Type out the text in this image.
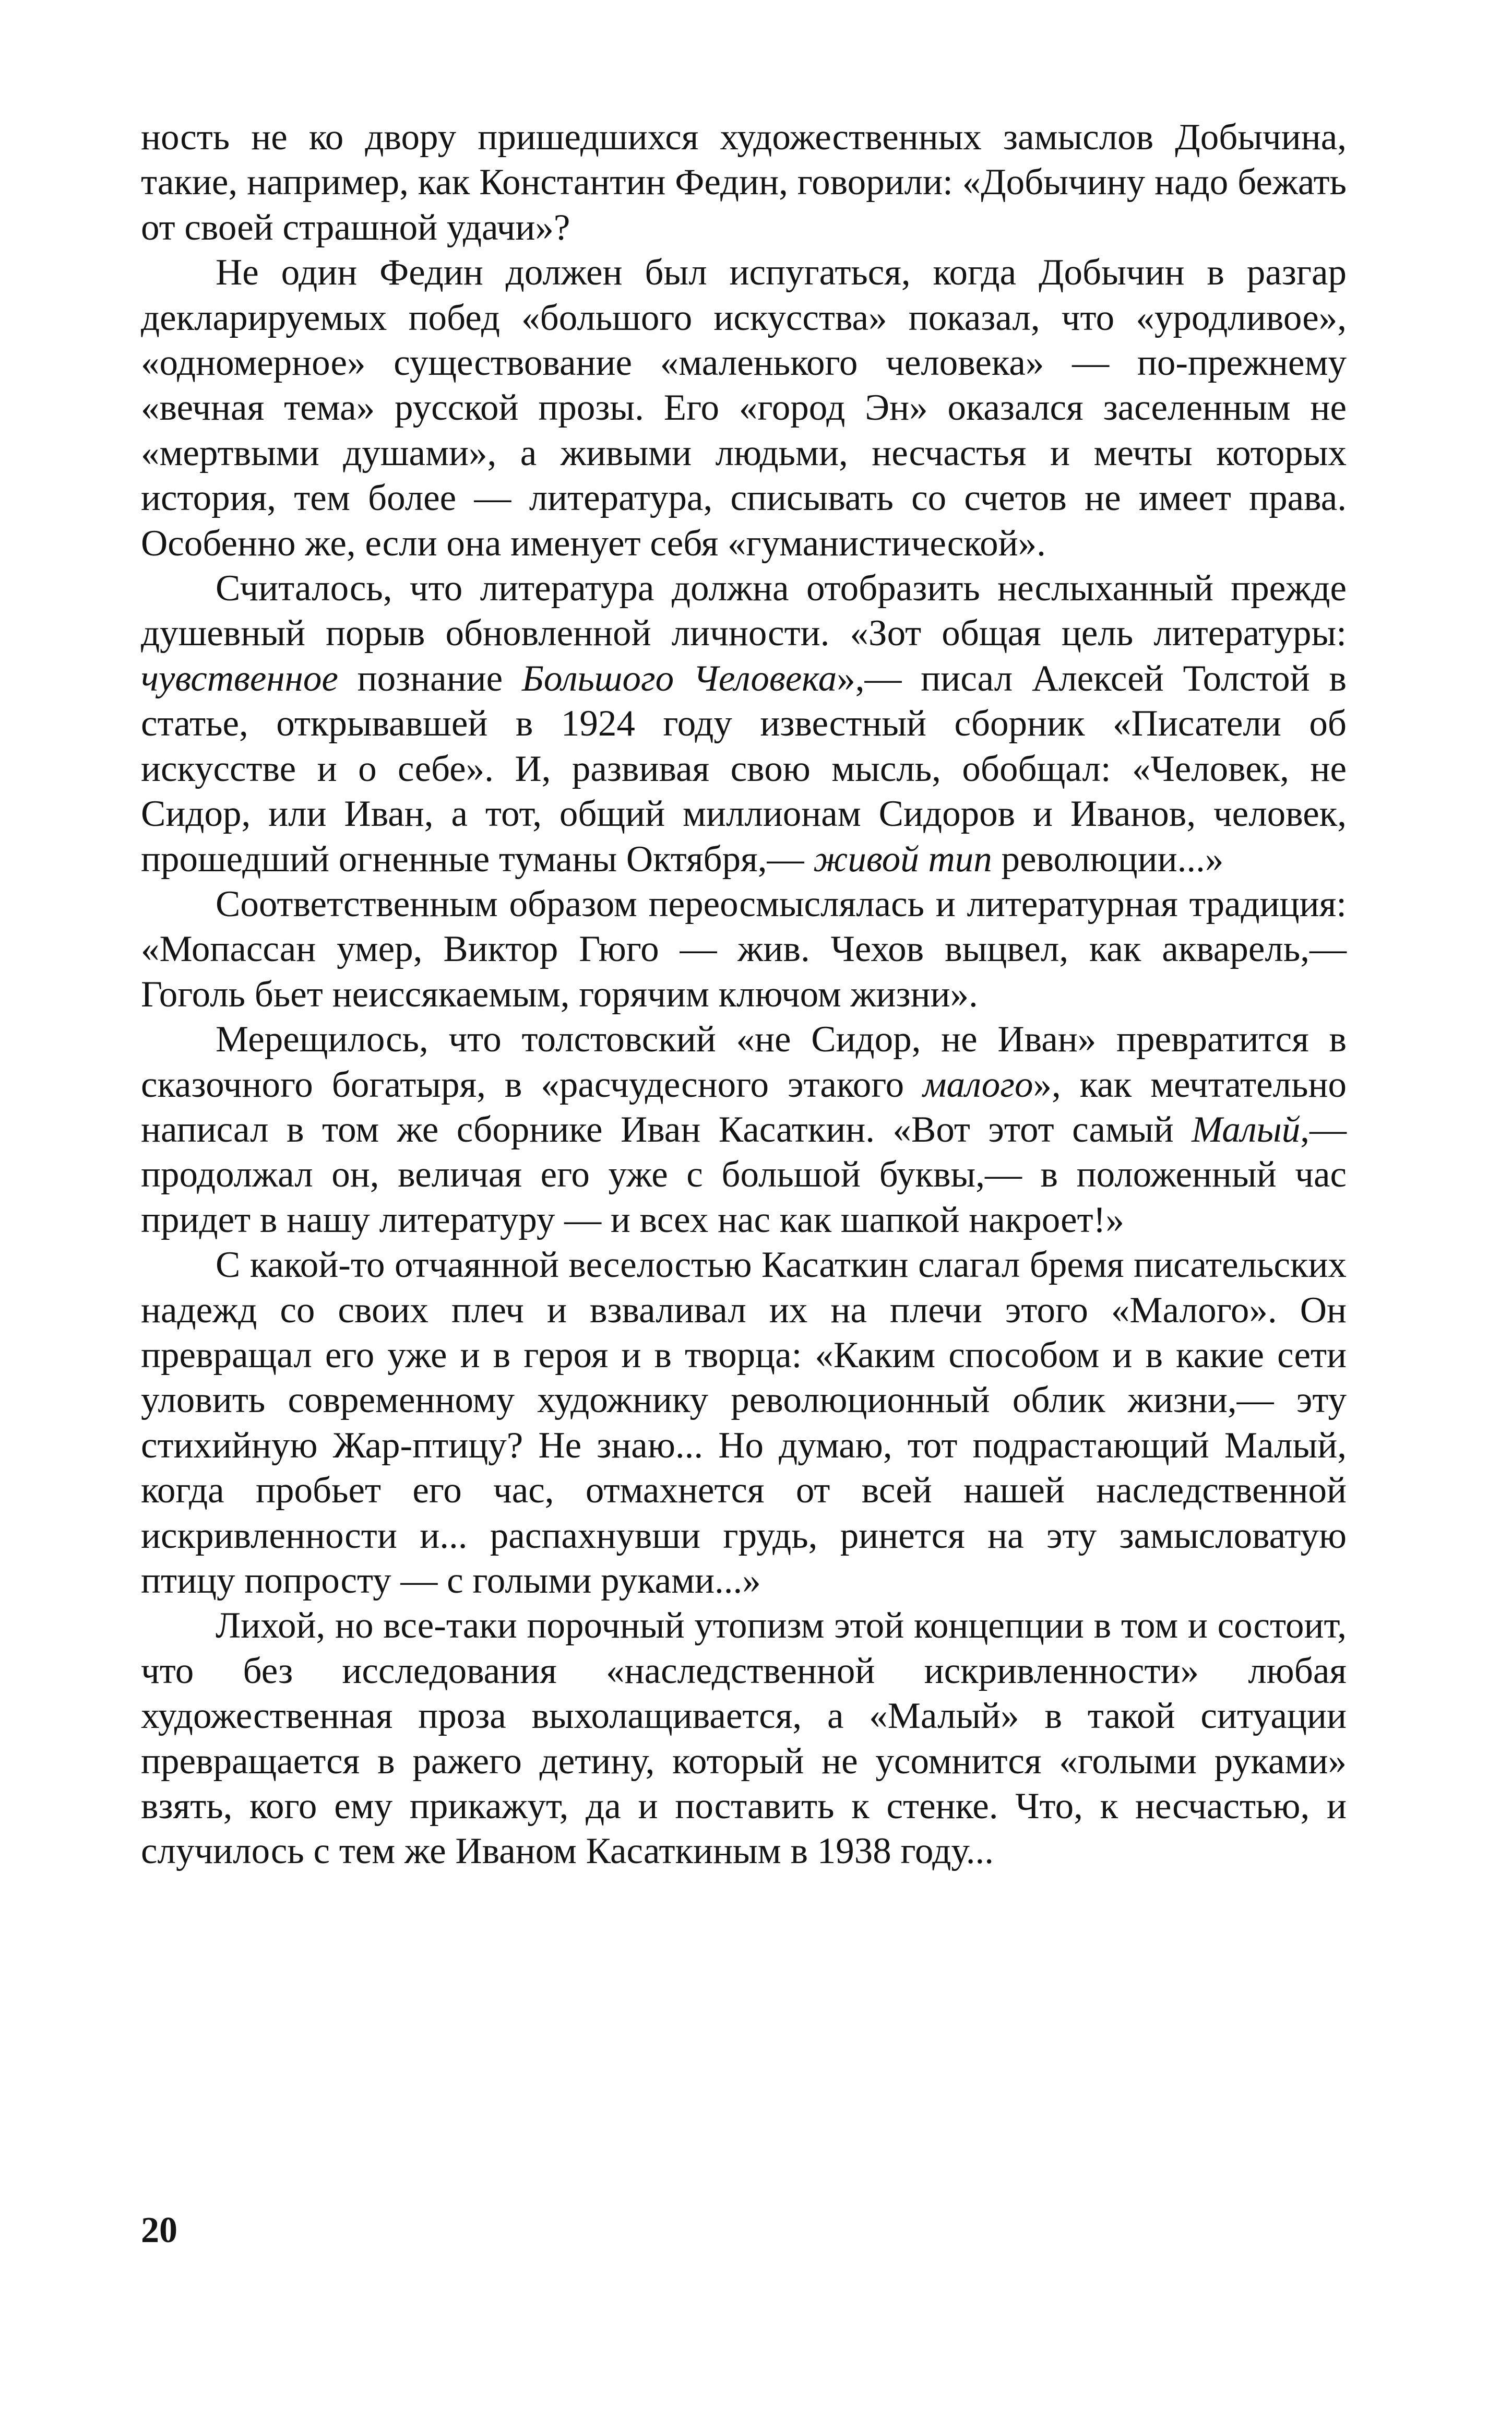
ность не ко двору пришедшихся художественных замыслов Добычина, такие, например, как Константин Федин, говорили: «Добычину надо бежать от своей страшной удачи»?

Не один Федин должен был испугаться, когда Добычин в разгар декларируемых побед «большого искусства» показал, что «уродливое», «одномерное» существование «маленького человека» — по-прежнему «вечная тема» русской прозы. Его «город Эн» оказался заселенным не «мертвыми душами», а живыми людьми, несчастья и мечты которых история, тем более — литература, списывать со счетов не имеет права. Особенно же, если она именует себя «гуманистической».

Считалось, что литература должна отобразить неслыханный прежде душевный порыв обновленной личности. «Зот общая цель литературы: чувственное познание Большого Человека»,— писал Алексей Толстой в статье, открывавшей в 1924 году известный сборник «Писатели об искусстве и о себе». И, развивая свою мысль, обобщал: «Человек, не Сидор, или Иван, а тот, общий миллионам Сидоров и Иванов, человек, прошедший огненные туманы Октября,— живой тип революции...»

Соответственным образом переосмыслялась и литературная традиция: «Мопассан умер, Виктор Гюго — жив. Чехов выцвел, как акварель,— Гоголь бьет неиссякаемым, горячим ключом жизни».

Мерещилось, что толстовский «не Сидор, не Иван» превратится в сказочного богатыря, в «расчудесного этакого малого», как мечтательно написал в том же сборнике Иван Касаткин. «Вот этот самый Малый,— продолжал он, величая его уже с большой буквы,— в положенный час придет в нашу литературу — и всех нас как шапкой накроет!»

С какой-то отчаянной веселостью Касаткин слагал бремя писательских надежд со своих плеч и взваливал их на плечи этого «Малого». Он превращал его уже и в героя и в творца: «Каким способом и в какие сети уловить современному художнику революционный облик жизни,— эту стихийную Жар-птицу? Не знаю... Но думаю, тот подрастающий Малый, когда пробьет его час, отмахнется от всей нашей наследственной искривленности и... распахнувши грудь, ринется на эту замысловатую птицу попросту — с голыми руками...»

Лихой, но все-таки порочный утопизм этой концепции в том и состоит, что без исследования «наследственной искривленности» любая художественная проза выхолащивается, а «Малый» в такой ситуации превращается в ражего детину, который не усомнится «голыми руками» взять, кого ему прикажут, да и поставить к стенке. Что, к несчастью, и случилось с тем же Иваном Касаткиным в 1938 году...

20
